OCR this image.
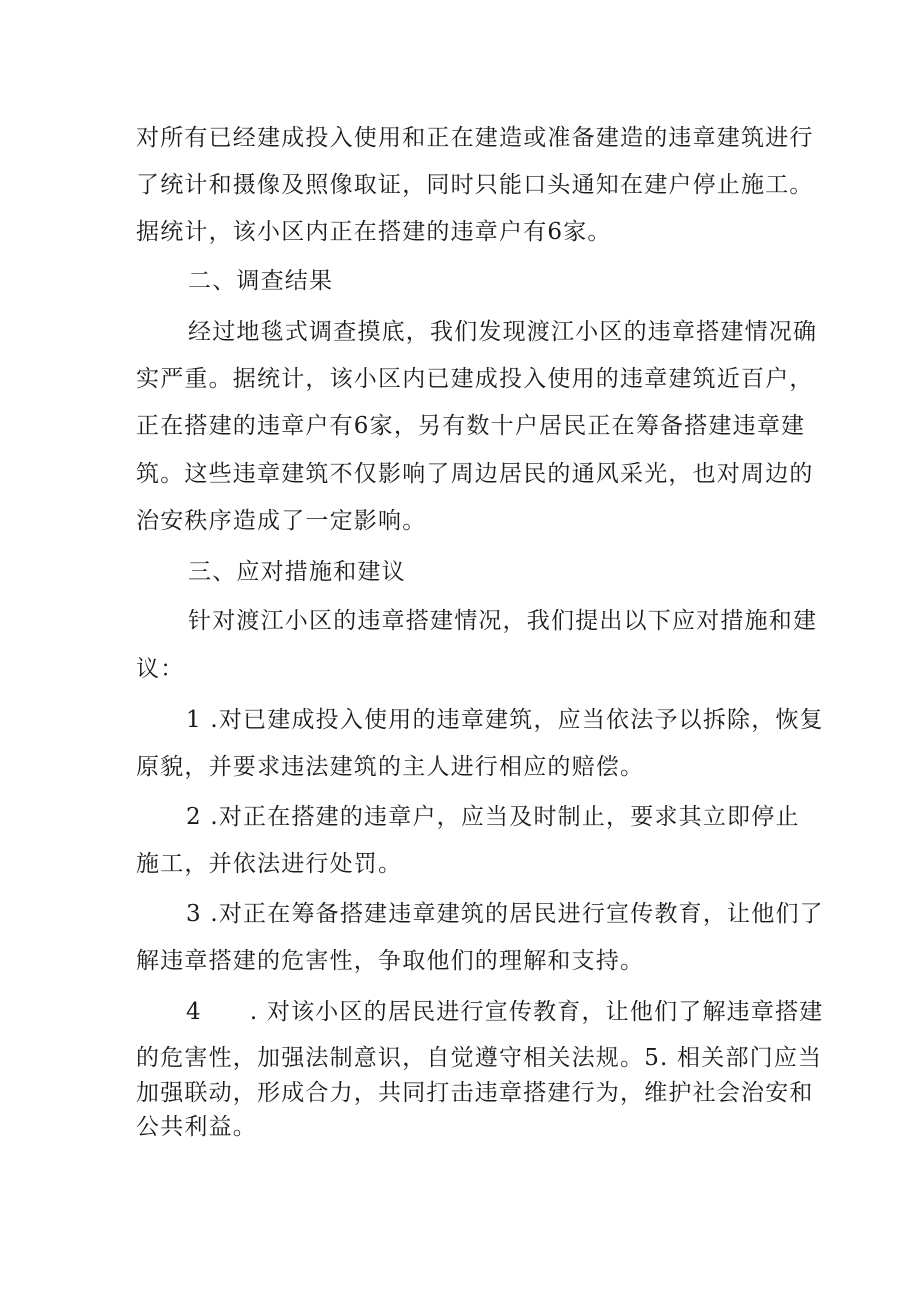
对所有已经建成投入使用和正在建造或准备建造的违章建筑进行
了统计和摄像及照像取证，同时只能口头通知在建户停止施工。
据统计，该小区内正在搭建的违章户有6家。
二、调查结果
经过地毯式调查摸底，我们发现渡江小区的违章搭建情况确
实严重。据统计，该小区内已建成投入使用的违章建筑近百户，
正在搭建的违章户有6家，另有数十户居民正在筹备搭建违章建
筑。这些违章建筑不仅影响了周边居民的通风采光，也对周边的
治安秩序造成了一定影响。
三、应对措施和建议
针对渡江小区的违章搭建情况，我们提出以下应对措施和建
议：
1 .对已建成投入使用的违章建筑，应当依法予以拆除，恢复
原貌，并要求违法建筑的主人进行相应的赔偿。
2 .对正在搭建的违章户，应当及时制止，要求其立即停止
施工，并依法进行处罚。
3 .对正在筹备搭建违章建筑的居民进行宣传教育，让他们了
解违章搭建的危害性，争取他们的理解和支持。
4 . 对该小区的居民进行宣传教育，让他们了解违章搭建
的危害性，加强法制意识，自觉遵守相关法规。5. 相关部门应当
加强联动，形成合力，共同打击违章搭建行为，维护社会治安和
公共利益。
